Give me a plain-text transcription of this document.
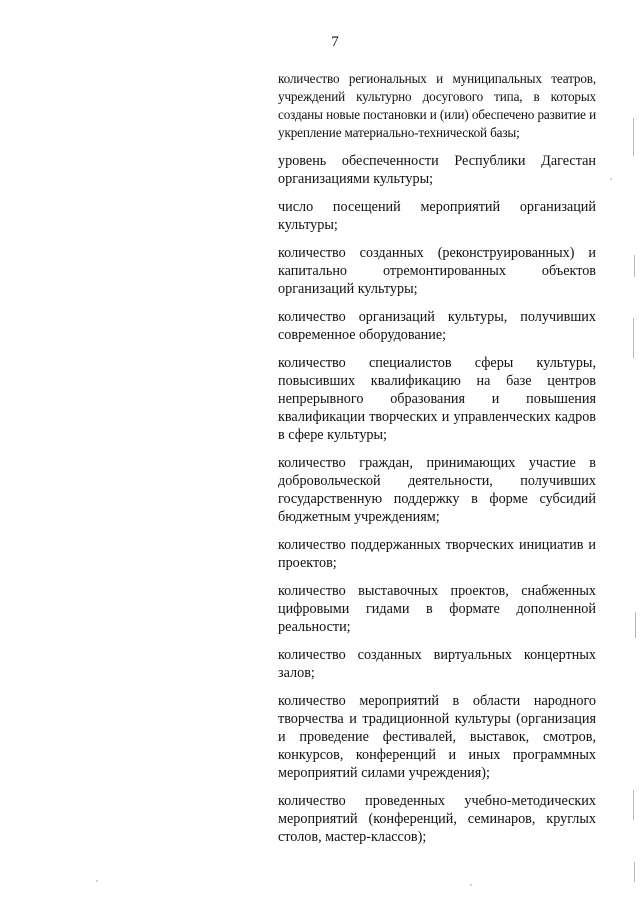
7

количество региональных и муниципальных театров, учреждений культурно досугового типа, в которых созданы новые постановки и (или) обеспечено развитие и укрепление материально-технической базы;

уровень обеспеченности Республики Дагестан организациями культуры;

число посещений мероприятий организаций культуры;

количество созданных (реконструированных) и капитально отремонтированных объектов организаций культуры;

количество организаций культуры, получивших современное оборудование;

количество специалистов сферы культуры, повысивших квалификацию на базе центров непрерывного образования и повышения квалификации творческих и управленческих кадров в сфере культуры;

количество граждан, принимающих участие в добровольческой деятельности, получивших государственную поддержку в форме субсидий бюджетным учреждениям;

количество поддержанных творческих инициатив и проектов;

количество выставочных проектов, снабженных цифровыми гидами в формате дополненной реальности;

количество созданных виртуальных концертных залов;

количество мероприятий в области народного творчества и традиционной культуры (организация и проведение фестивалей, выставок, смотров, конкурсов, конференций и иных программных мероприятий силами учреждения);

количество проведенных учебно-методических мероприятий (конференций, семинаров, круглых столов, мастер-классов);
